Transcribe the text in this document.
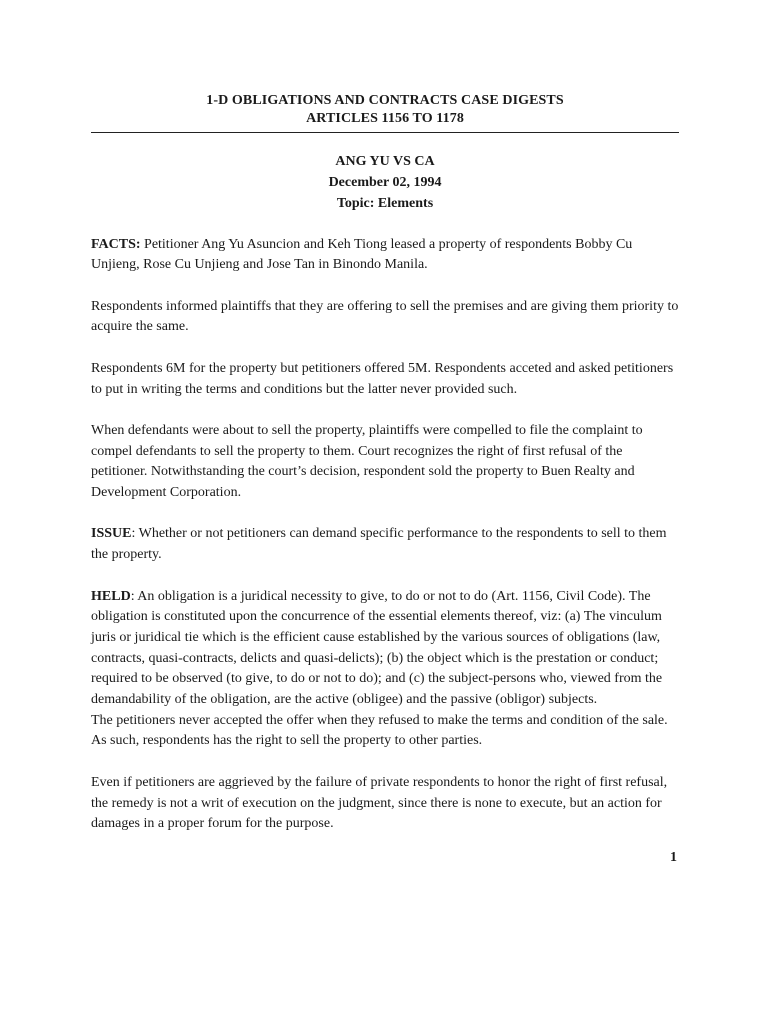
1-D OBLIGATIONS AND CONTRACTS CASE DIGESTS
ARTICLES 1156 TO 1178
ANG YU VS CA
December 02, 1994
Topic: Elements

FACTS: Petitioner Ang Yu Asuncion and Keh Tiong leased a property of respondents Bobby Cu Unjieng, Rose Cu Unjieng and Jose Tan in Binondo Manila.

Respondents informed plaintiffs that they are offering to sell the premises and are giving them priority to acquire the same.

Respondents 6M for the property but petitioners offered 5M. Respondents acceted and asked petitioners to put in writing the terms and conditions but the latter never provided such.

When defendants were about to sell the property, plaintiffs were compelled to file the complaint to compel defendants to sell the property to them. Court recognizes the right of first refusal of the petitioner. Notwithstanding the court’s decision, respondent sold the property to Buen Realty and Development Corporation.

ISSUE: Whether or not petitioners can demand specific performance to the respondents to sell to them the property.

HELD: An obligation is a juridical necessity to give, to do or not to do (Art. 1156, Civil Code). The obligation is constituted upon the concurrence of the essential elements thereof, viz: (a) The vinculum juris or juridical tie which is the efficient cause established by the various sources of obligations (law, contracts, quasi-contracts, delicts and quasi-delicts); (b) the object which is the prestation or conduct; required to be observed (to give, to do or not to do); and (c) the subject-persons who, viewed from the demandability of the obligation, are the active (obligee) and the passive (obligor) subjects.

The petitioners never accepted the offer when they refused to make the terms and condition of the sale. As such, respondents has the right to sell the property to other parties.

Even if petitioners are aggrieved by the failure of private respondents to honor the right of first refusal, the remedy is not a writ of execution on the judgment, since there is none to execute, but an action for damages in a proper forum for the purpose.

1
